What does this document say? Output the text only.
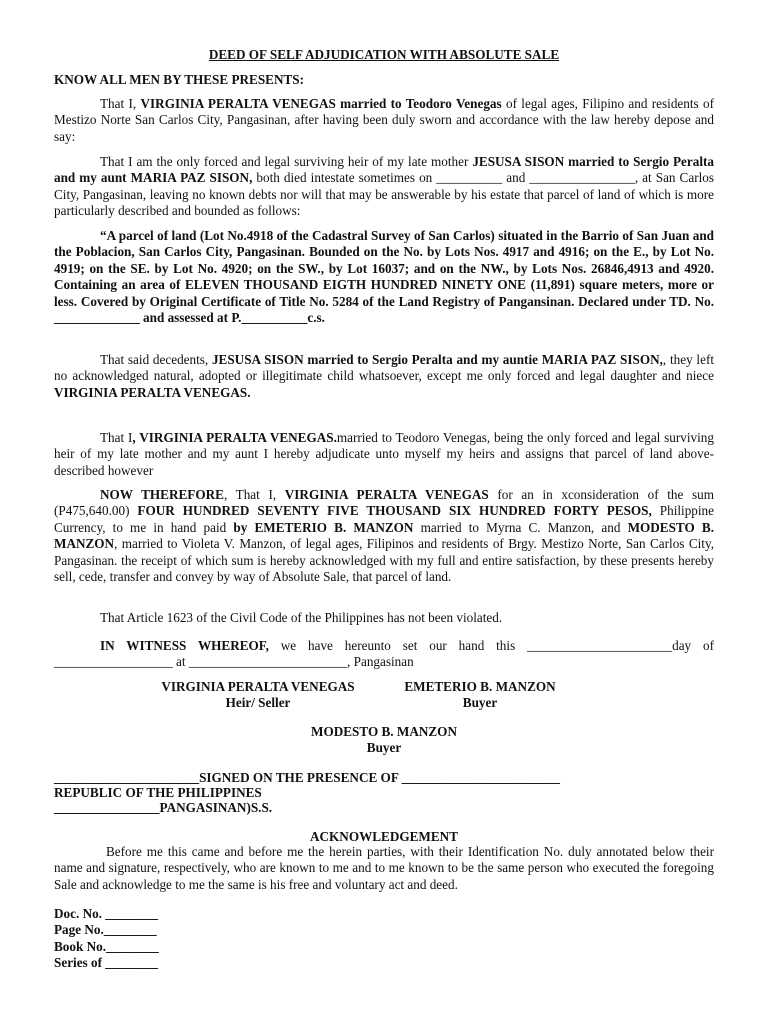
DEED OF SELF ADJUDICATION WITH ABSOLUTE SALE
KNOW ALL MEN BY THESE PRESENTS:
That I, VIRGINIA PERALTA VENEGAS married to Teodoro Venegas of legal ages, Filipino and residents of Mestizo Norte San Carlos City, Pangasinan, after having been duly sworn and accordance with the law hereby depose and say:
That I am the only forced and legal surviving heir of my late mother JESUSA SISON married to Sergio Peralta and my aunt MARIA PAZ SISON, both died intestate sometimes on __________ and ________________, at San Carlos City, Pangasinan, leaving no known debts nor will that may be answerable by his estate that parcel of land of which is more particularly described and bounded as follows:
“A parcel of land (Lot No.4918 of the Cadastral Survey of San Carlos) situated in the Barrio of San Juan and the Poblacion, San Carlos City, Pangasinan. Bounded on the No. by Lots Nos. 4917 and 4916; on the E., by Lot No. 4919; on the SE. by Lot No. 4920; on the SW., by Lot 16037; and on the NW., by Lots Nos. 26846,4913 and 4920. Containing an area of ELEVEN THOUSAND EIGTH HUNDRED NINETY ONE (11,891) square meters, more or less. Covered by Original Certificate of Title No. 5284 of the Land Registry of Pangansinan. Declared under TD. No. _____________ and assessed at P.__________c.s.
That said decedents, JESUSA SISON married to Sergio Peralta and my auntie MARIA PAZ SISON,, they left no acknowledged natural, adopted or illegitimate child whatsoever, except me only forced and legal daughter and niece VIRGINIA PERALTA VENEGAS.
That I, VIRGINIA PERALTA VENEGAS.married to Teodoro Venegas, being the only forced and legal surviving heir of my late mother and my aunt I hereby adjudicate unto myself my heirs and assigns that parcel of land above- described however
NOW THEREFORE, That I, VIRGINIA PERALTA VENEGAS for an in xconsideration of the sum (P475,640.00) FOUR HUNDRED SEVENTY FIVE THOUSAND SIX HUNDRED FORTY PESOS, Philippine Currency, to me in hand paid by EMETERIO B. MANZON married to Myrna C. Manzon, and MODESTO B. MANZON, married to Violeta V. Manzon, of legal ages, Filipinos and residents of Brgy. Mestizo Norte, San Carlos City, Pangasinan. the receipt of which sum is hereby acknowledged with my full and entire satisfaction, by these presents hereby sell, cede, transfer and convey by way of Absolute Sale, that parcel of land.
That Article 1623 of the Civil Code of the Philippines has not been violated.
IN WITNESS WHEREOF, we have hereunto set our hand this ______________________day of __________________ at ________________________, Pangasinan
VIRGINIA PERALTA VENEGAS
Heir/ Seller
EMETERIO B. MANZON
Buyer
MODESTO B. MANZON
Buyer
______________________SIGNED ON THE PRESENCE OF ________________________
REPUBLIC OF THE PHILIPPINES
________________PANGASINAN)S.S.
ACKNOWLEDGEMENT
Before me this came and before me the herein parties, with their Identification No. duly annotated below their name and signature, respectively, who are known to me and to me known to be the same person who executed the foregoing Sale and acknowledge to me the same is his free and voluntary act and deed.
Doc. No. ________
Page No.________
Book No.________
Series of ________
